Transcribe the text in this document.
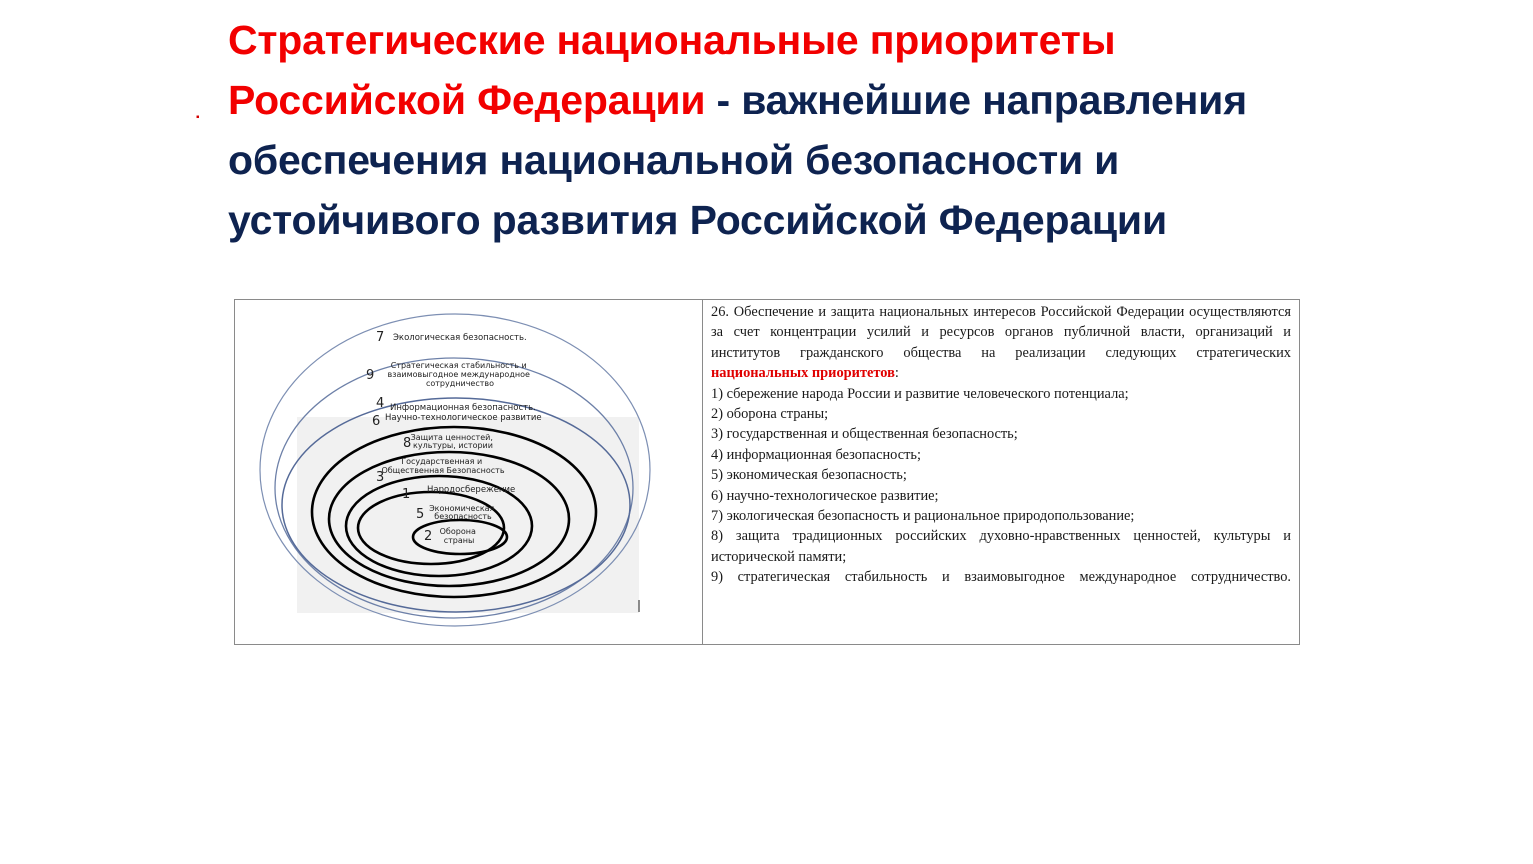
▪
Стратегические национальные приоритеты Российской Федерации - важнейшие направления обеспечения национальной безопасности и устойчивого развития Российской Федерации
7
9
4
6
8
3
1
5
2
Экологическая безопасность.
Стратегическая стабильность и взаимовыгодное международное сотрудничество
Информационная безопасность.
Научно-технологическое развитие
Защита ценностей, культуры, истории
Государственная и Общественная Безопасность
Народосбережение
Экономическая безопасность
Оборона страны

26. Обеспечение и защита национальных интересов Российской Федерации осуществляются за счет концентрации усилий и ресурсов органов публичной власти, организаций и институтов гражданского общества на реализации следующих стратегических национальных приоритетов:

1) сбережение народа России и развитие человеческого потенциала;
2) оборона страны;
3) государственная и общественная безопасность;
4) информационная безопасность;
5) экономическая безопасность;
6) научно-технологическое развитие;
7) экологическая безопасность и рациональное природопользование;
8) защита традиционных российских духовно-нравственных ценностей, культуры и исторической памяти;
9) стратегическая стабильность и взаимовыгодное международное сотрудничество.
